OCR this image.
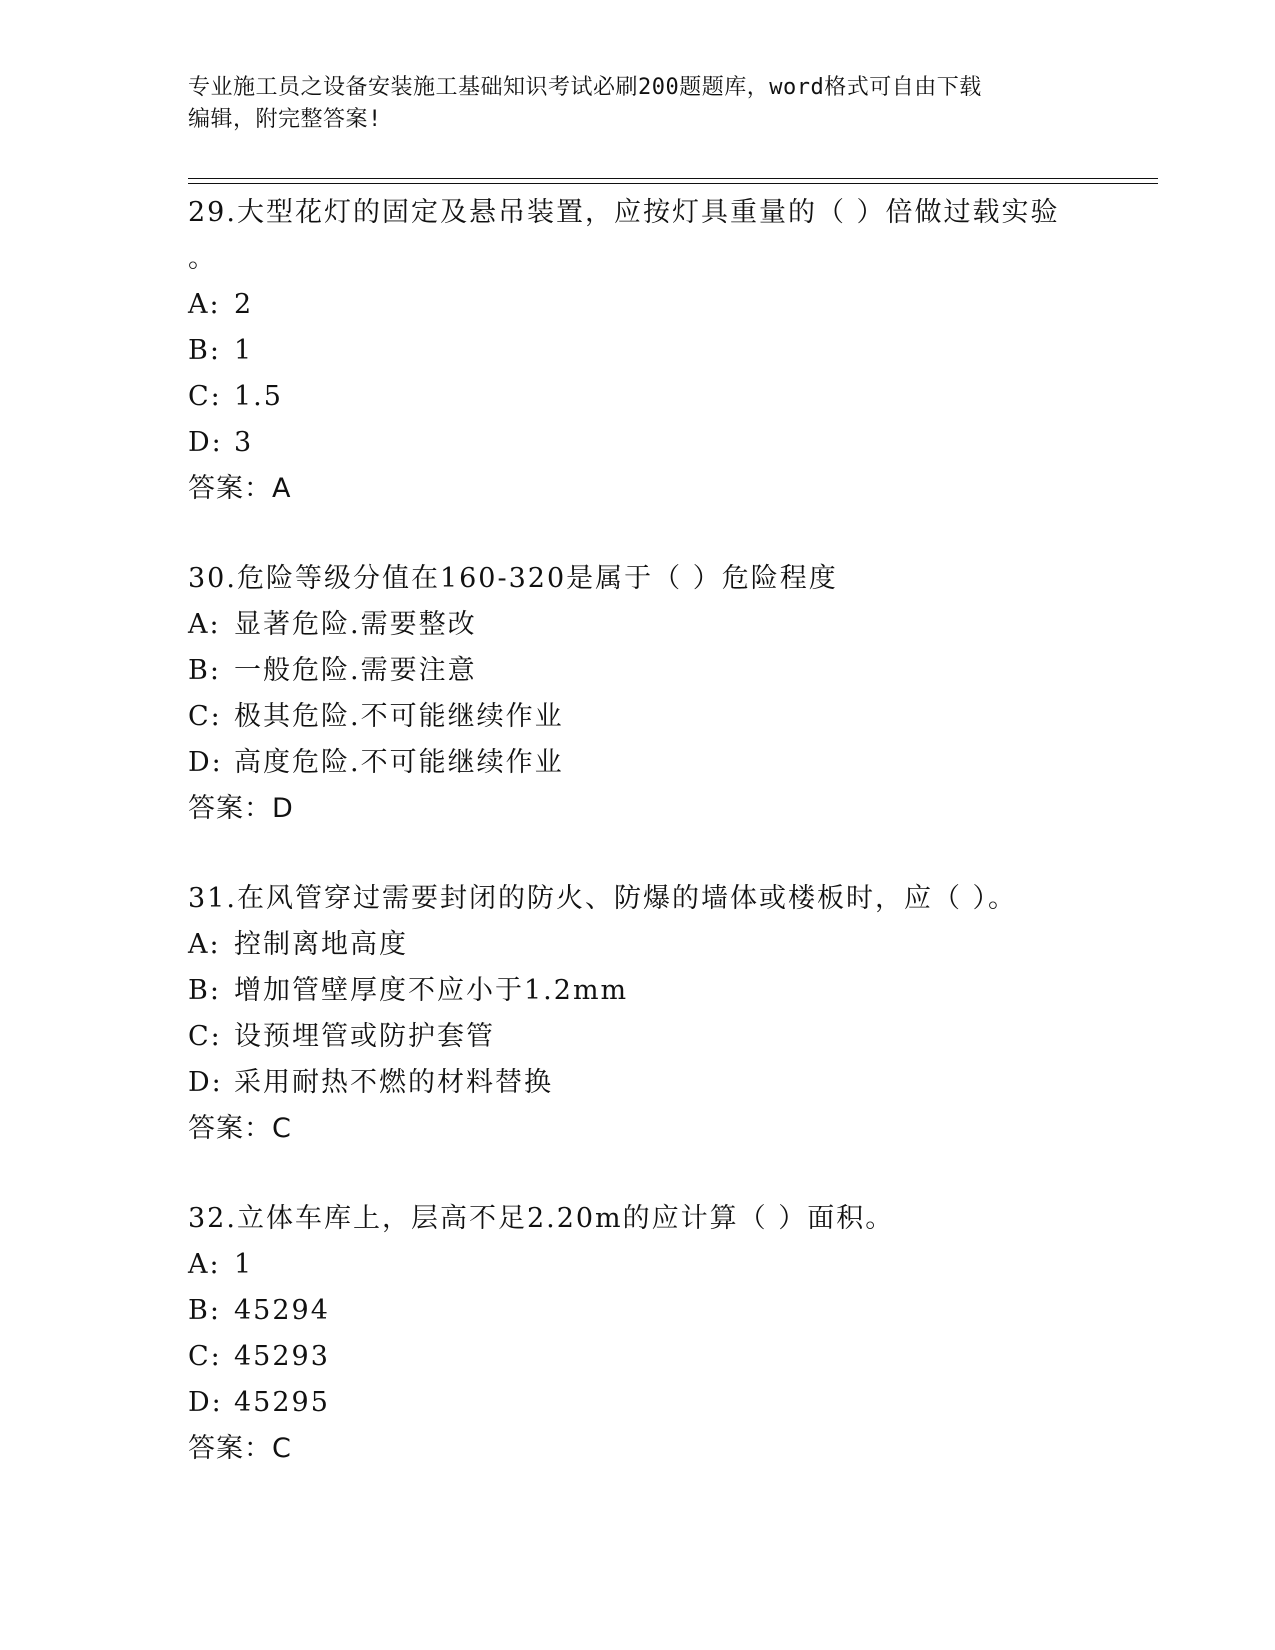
专业施工员之设备安装施工基础知识考试必刷200题题库，word格式可自由下载
编辑，附完整答案!
29.大型花灯的固定及悬吊装置，应按灯具重量的（ ）倍做过载实验
。
A: 2
B: 1
C: 1.5
D: 3
答案：A
30.危险等级分值在160-320是属于（ ）危险程度
A: 显著危险.需要整改
B: 一般危险.需要注意
C: 极其危险.不可能继续作业
D: 高度危险.不可能继续作业
答案：D
31.在风管穿过需要封闭的防火、防爆的墙体或楼板时，应（ ）。
A: 控制离地高度
B: 增加管壁厚度不应小于1.2mm
C: 设预埋管或防护套管
D: 采用耐热不燃的材料替换
答案：C
32.立体车库上，层高不足2.20m的应计算（ ）面积。
A: 1
B: 45294
C: 45293
D: 45295
答案：C
